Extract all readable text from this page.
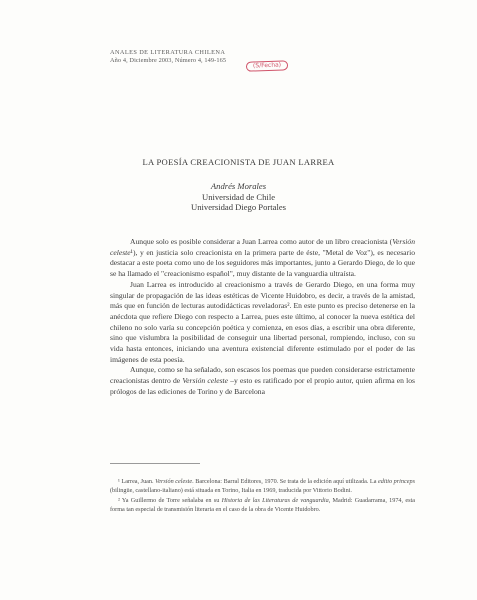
ANALES DE LITERATURA CHILENA
Año 4, Diciembre 2003, Número 4, 149-165
(S/Fecha)
LA POESÍA CREACIONISTA DE JUAN LARREA
Andrés Morales
Universidad de Chile
Universidad Diego Portales

Aunque solo es posible considerar a Juan Larrea como autor de un libro creacionista (Versión celeste¹), y en justicia solo creacionista en la primera parte de éste, "Metal de Voz"), es necesario destacar a este poeta como uno de los seguidores más importantes, junto a Gerardo Diego, de lo que se ha llamado el "creacionismo español", muy distante de la vanguardia ultraísta.

Juan Larrea es introducido al creacionismo a través de Gerardo Diego, en una forma muy singular de propagación de las ideas estéticas de Vicente Huidobro, es decir, a través de la amistad, más que en función de lecturas autodidácticas reveladoras². En este punto es preciso detenerse en la anécdota que refiere Diego con respecto a Larrea, pues este último, al conocer la nueva estética del chileno no solo varía su concepción poética y comienza, en esos días, a escribir una obra diferente, sino que vislumbra la posibilidad de conseguir una libertad personal, rompiendo, incluso, con su vida hasta entonces, iniciando una aventura existencial diferente estimulado por el poder de las imágenes de esta poesía.

Aunque, como se ha señalado, son escasos los poemas que pueden considerarse estrictamente creacionistas dentro de Versión celeste –y esto es ratificado por el propio autor, quien afirma en los prólogos de las ediciones de Torino y de Barcelona

¹ Larrea, Juan. Versión celeste. Barcelona: Barral Editores, 1970. Se trata de la edición aquí utilizada. La editio princeps (bilingüe, castellano-italiano) está situada en Torino, Italia en 1969, traducida por Vittorio Bodini.

² Ya Guillermo de Torre señalaba en su Historia de las Literaturas de vanguardia, Madrid: Guadarrama, 1974, esta forma tan especial de transmisión literaria en el caso de la obra de Vicente Huidobro.
